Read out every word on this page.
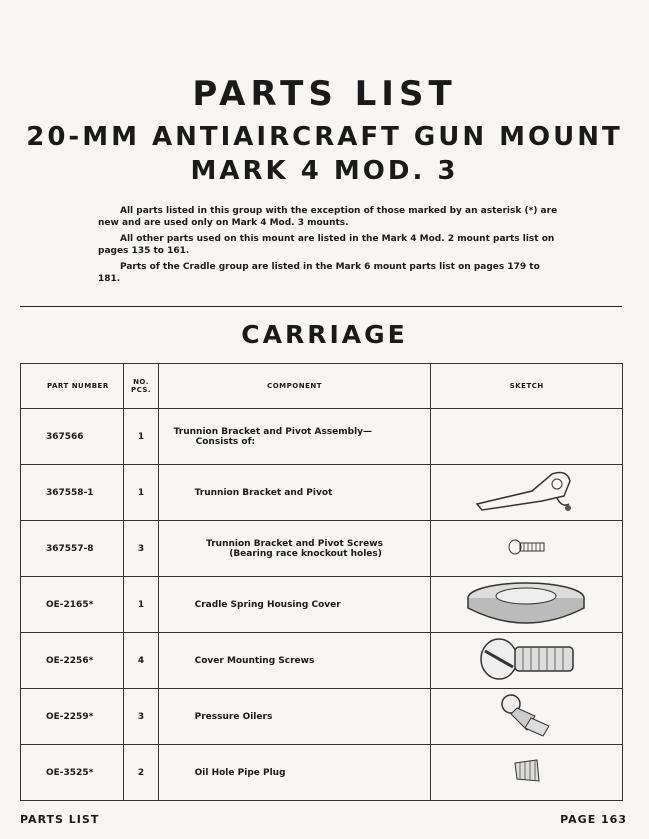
PARTS LIST
20-MM ANTIAIRCRAFT GUN MOUNT
MARK 4 MOD. 3

All parts listed in this group with the exception of those marked by an asterisk (*) are new and are used only on Mark 4 Mod. 3 mounts.

All other parts used on this mount are listed in the Mark 4 Mod. 2 mount parts list on pages 135 to 161.

Parts of the Cradle group are listed in the Mark 6 mount parts list on pages 179 to 181.

CARRIAGE
PART NUMBER	NO. PCS.	COMPONENT	SKETCH
367566	1	Trunnion Bracket and Pivot Assembly—
Consists of:	

367558-1	1	Trunnion Bracket and Pivot	
367557-8	3	Trunnion Bracket and Pivot Screws
(Bearing race knockout holes)

OE-2165*	1	Cradle Spring Housing Cover	
OE-2256*	4	Cover Mounting Screws	
OE-2259*	3	Pressure Oilers	
OE-3525*	2	Oil Hole Pipe Plug	
PARTS LIST	PAGE 163
